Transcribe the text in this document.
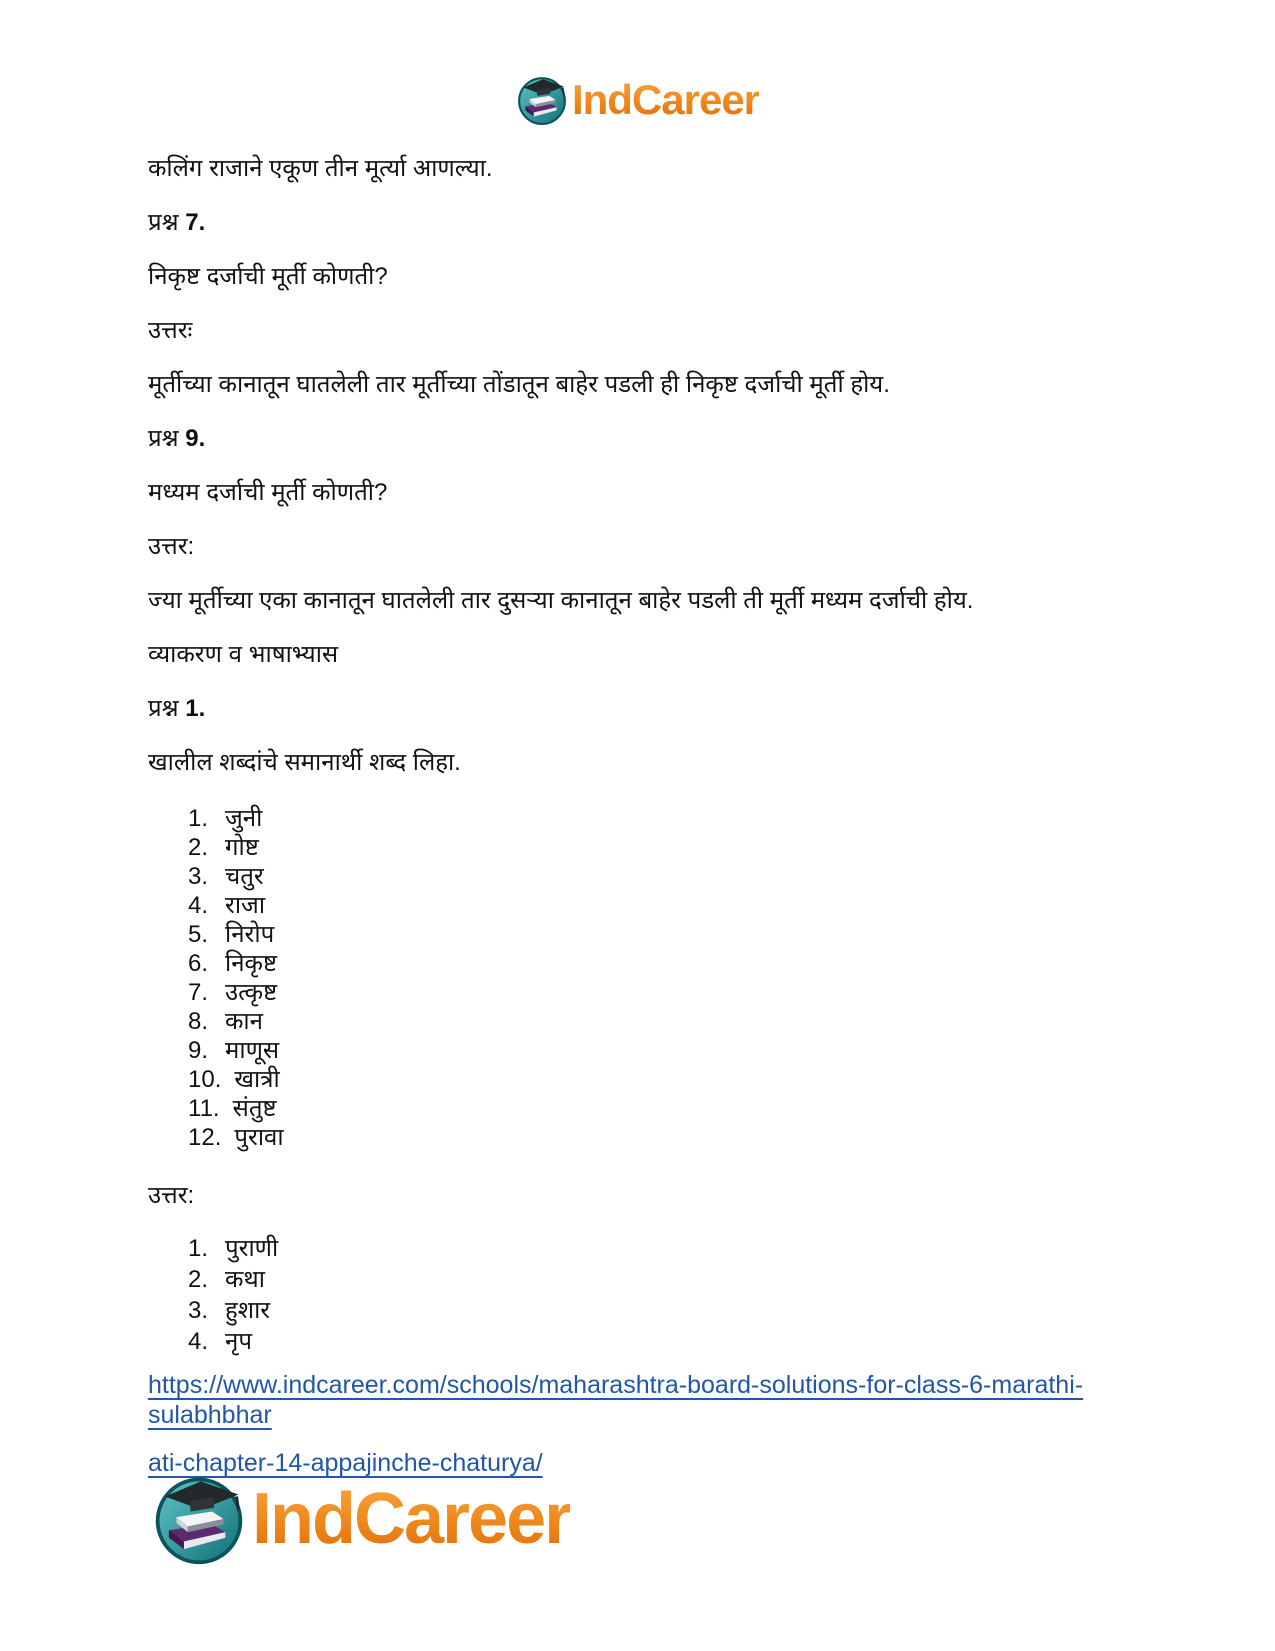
IndCareer

कलिंग राजाने एकूण तीन मूर्त्या आणल्या.

प्रश्न 7.

निकृष्ट दर्जाची मूर्ती कोणती?

उत्तरः

मूर्तीच्या कानातून घातलेली तार मूर्तीच्या तोंडातून बाहेर पडली ही निकृष्ट दर्जाची मूर्ती होय.

प्रश्न 9.

मध्यम दर्जाची मूर्ती कोणती?

उत्तर:

ज्या मूर्तीच्या एका कानातून घातलेली तार दुसऱ्या कानातून बाहेर पडली ती मूर्ती मध्यम दर्जाची होय.

व्याकरण व भाषाभ्यास

प्रश्न 1.

खालील शब्दांचे समानार्थी शब्द लिहा.

1. जुनी
2. गोष्ट
3. चतुर
4. राजा
5. निरोप
6. निकृष्ट
7. उत्कृष्ट
8. कान
9. माणूस
10. खात्री
11. संतुष्ट
12. पुरावा

उत्तर:

1. पुराणी
2. कथा
3. हुशार
4. नृप
https://www.indcareer.com/schools/maharashtra-board-solutions-for-class-6-marathi-sulabhbhar
ati-chapter-14-appajinche-chaturya/
IndCareer
